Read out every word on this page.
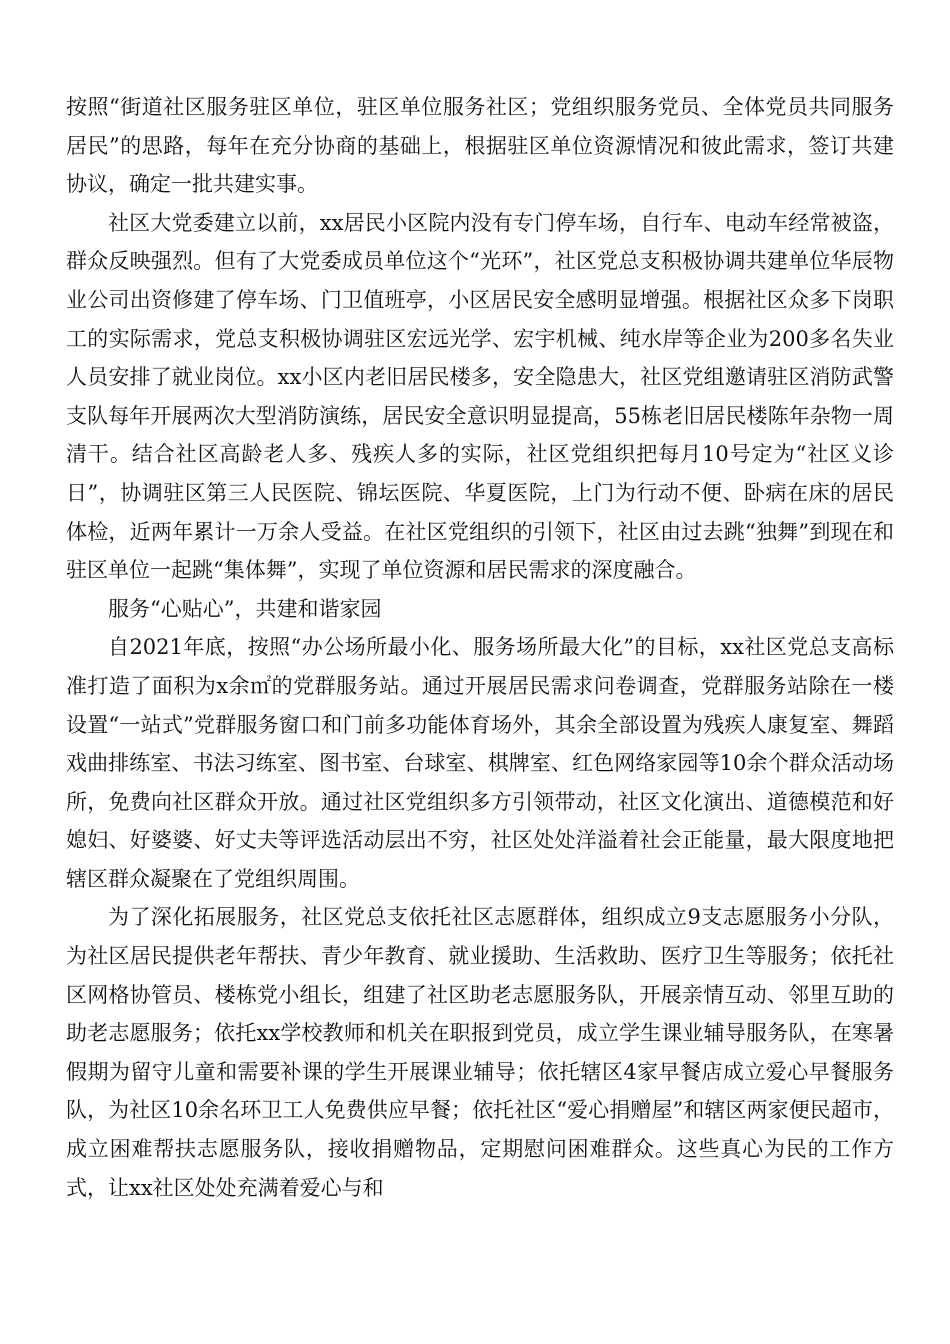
按照“街道社区服务驻区单位，驻区单位服务社区；党组织服务党员、全体党员共同服务居民”的思路，每年在充分协商的基础上，根据驻区单位资源情况和彼此需求，签订共建协议，确定一批共建实事。

社区大党委建立以前，xx居民小区院内没有专门停车场，自行车、电动车经常被盗，群众反映强烈。但有了大党委成员单位这个“光环”，社区党总支积极协调共建单位华辰物业公司出资修建了停车场、门卫值班亭，小区居民安全感明显增强。根据社区众多下岗职工的实际需求，党总支积极协调驻区宏远光学、宏宇机械、纯水岸等企业为200多名失业人员安排了就业岗位。xx小区内老旧居民楼多，安全隐患大，社区党组邀请驻区消防武警支队每年开展两次大型消防演练，居民安全意识明显提高，55栋老旧居民楼陈年杂物一周清干。结合社区高龄老人多、残疾人多的实际，社区党组织把每月10号定为“社区义诊日”，协调驻区第三人民医院、锦坛医院、华夏医院，上门为行动不便、卧病在床的居民体检，近两年累计一万余人受益。在社区党组织的引领下，社区由过去跳“独舞”到现在和驻区单位一起跳“集体舞”，实现了单位资源和居民需求的深度融合。

服务“心贴心”，共建和谐家园

自2021年底，按照“办公场所最小化、服务场所最大化”的目标，xx社区党总支高标准打造了面积为x余㎡的党群服务站。通过开展居民需求问卷调查，党群服务站除在一楼设置“一站式”党群服务窗口和门前多功能体育场外，其余全部设置为残疾人康复室、舞蹈戏曲排练室、书法习练室、图书室、台球室、棋牌室、红色网络家园等10余个群众活动场所，免费向社区群众开放。通过社区党组织多方引领带动，社区文化演出、道德模范和好媳妇、好婆婆、好丈夫等评选活动层出不穷，社区处处洋溢着社会正能量，最大限度地把辖区群众凝聚在了党组织周围。

为了深化拓展服务，社区党总支依托社区志愿群体，组织成立9支志愿服务小分队，为社区居民提供老年帮扶、青少年教育、就业援助、生活救助、医疗卫生等服务；依托社区网格协管员、楼栋党小组长，组建了社区助老志愿服务队，开展亲情互动、邻里互助的助老志愿服务；依托xx学校教师和机关在职报到党员，成立学生课业辅导服务队，在寒暑假期为留守儿童和需要补课的学生开展课业辅导；依托辖区4家早餐店成立爱心早餐服务队，为社区10余名环卫工人免费供应早餐；依托社区“爱心捐赠屋”和辖区两家便民超市，成立困难帮扶志愿服务队，接收捐赠物品，定期慰问困难群众。这些真心为民的工作方式，让xx社区处处充满着爱心与和
